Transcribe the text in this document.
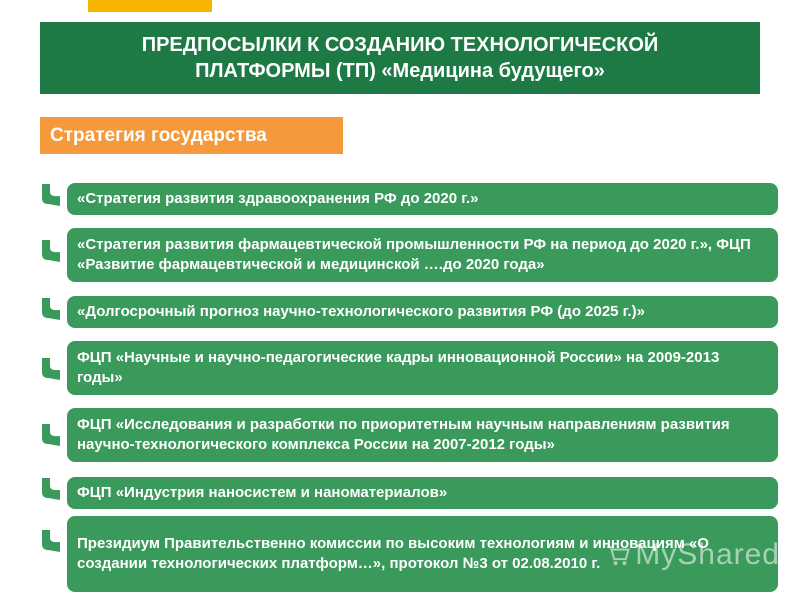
ПРЕДПОСЫЛКИ К СОЗДАНИЮ ТЕХНОЛОГИЧЕСКОЙ
ПЛАТФОРМЫ (ТП) «Медицина будущего»
Стратегия государства
«Стратегия развития здравоохранения РФ до 2020 г.»
«Стратегия развития фармацевтической промышленности РФ на период до 2020 г.», ФЦП «Развитие фармацевтической и медицинской ….до 2020 года»
«Долгосрочный прогноз научно-технологического развития РФ (до 2025 г.)»
ФЦП «Научные и научно-педагогические кадры инновационной России» на 2009-2013 годы»
ФЦП «Исследования и разработки по приоритетным научным направлениям развития научно-технологического комплекса России на 2007-2012 годы»
ФЦП «Индустрия наносистем и наноматериалов»
Президиум Правительственно комиссии по высоким технологиям и инновациям «О создании технологических платформ…», протокол №3 от 02.08.2010 г.	MyShared
